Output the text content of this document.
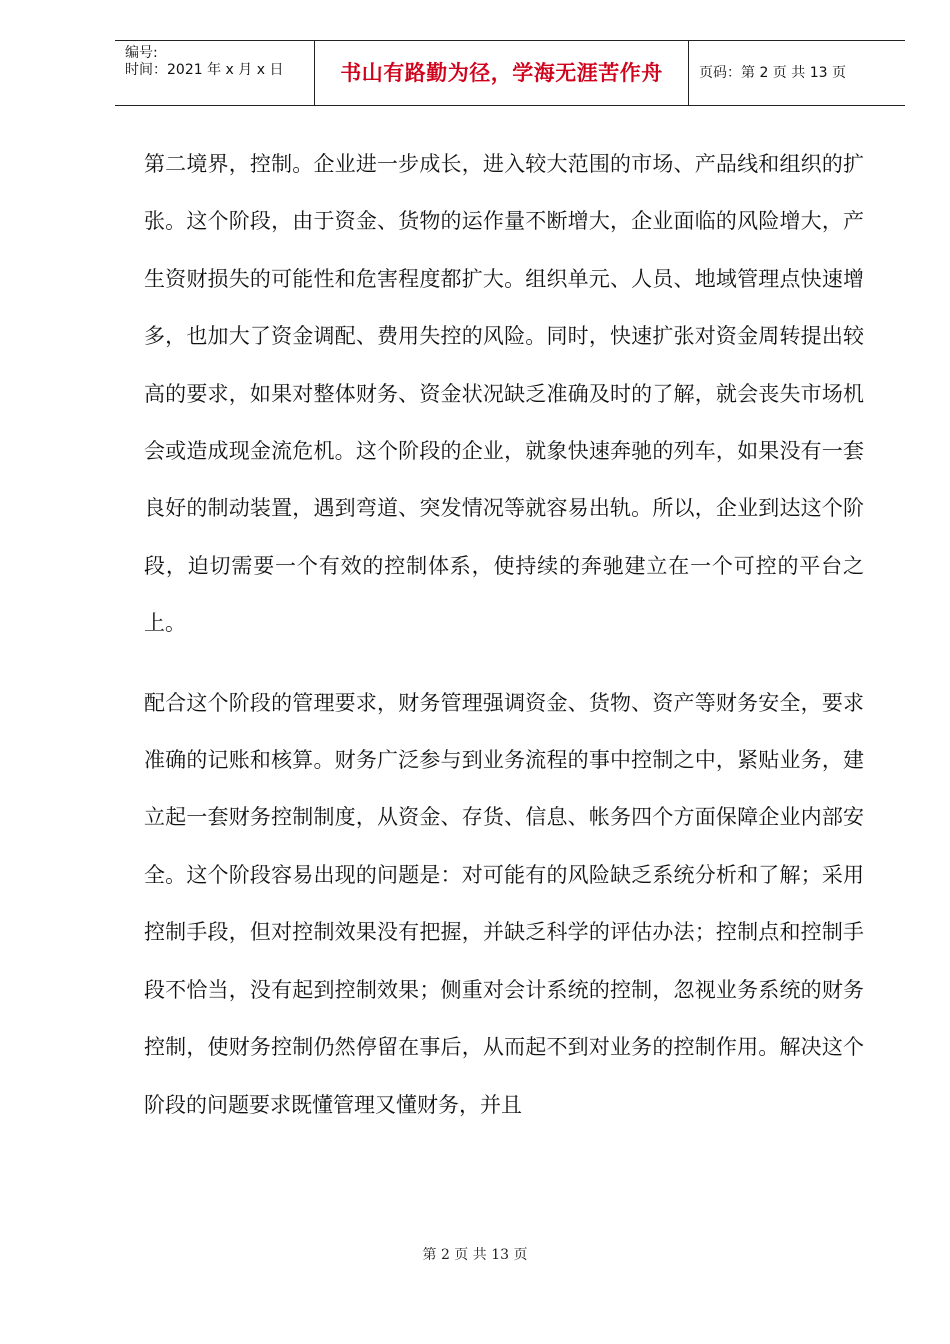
编号:
时间：2021 年 x 月 x 日	书山有路勤为径，学海无涯苦作舟	页码：第 2 页 共 13 页

第二境界，控制。企业进一步成长，进入较大范围的市场、产品线和组织的扩张。这个阶段，由于资金、货物的运作量不断增大，企业面临的风险增大，产生资财损失的可能性和危害程度都扩大。组织单元、人员、地域管理点快速增多，也加大了资金调配、费用失控的风险。同时，快速扩张对资金周转提出较高的要求，如果对整体财务、资金状况缺乏准确及时的了解，就会丧失市场机会或造成现金流危机。这个阶段的企业，就象快速奔驰的列车，如果没有一套良好的制动装置，遇到弯道、突发情况等就容易出轨。所以，企业到达这个阶段，迫切需要一个有效的控制体系，使持续的奔驰建立在一个可控的平台之上。

配合这个阶段的管理要求，财务管理强调资金、货物、资产等财务安全，要求准确的记账和核算。财务广泛参与到业务流程的事中控制之中，紧贴业务，建立起一套财务控制制度，从资金、存货、信息、帐务四个方面保障企业内部安全。这个阶段容易出现的问题是：对可能有的风险缺乏系统分析和了解；采用控制手段，但对控制效果没有把握，并缺乏科学的评估办法；控制点和控制手段不恰当，没有起到控制效果；侧重对会计系统的控制，忽视业务系统的财务控制，使财务控制仍然停留在事后，从而起不到对业务的控制作用。解决这个阶段的问题要求既懂管理又懂财务，并且

第 2 页 共 13 页
